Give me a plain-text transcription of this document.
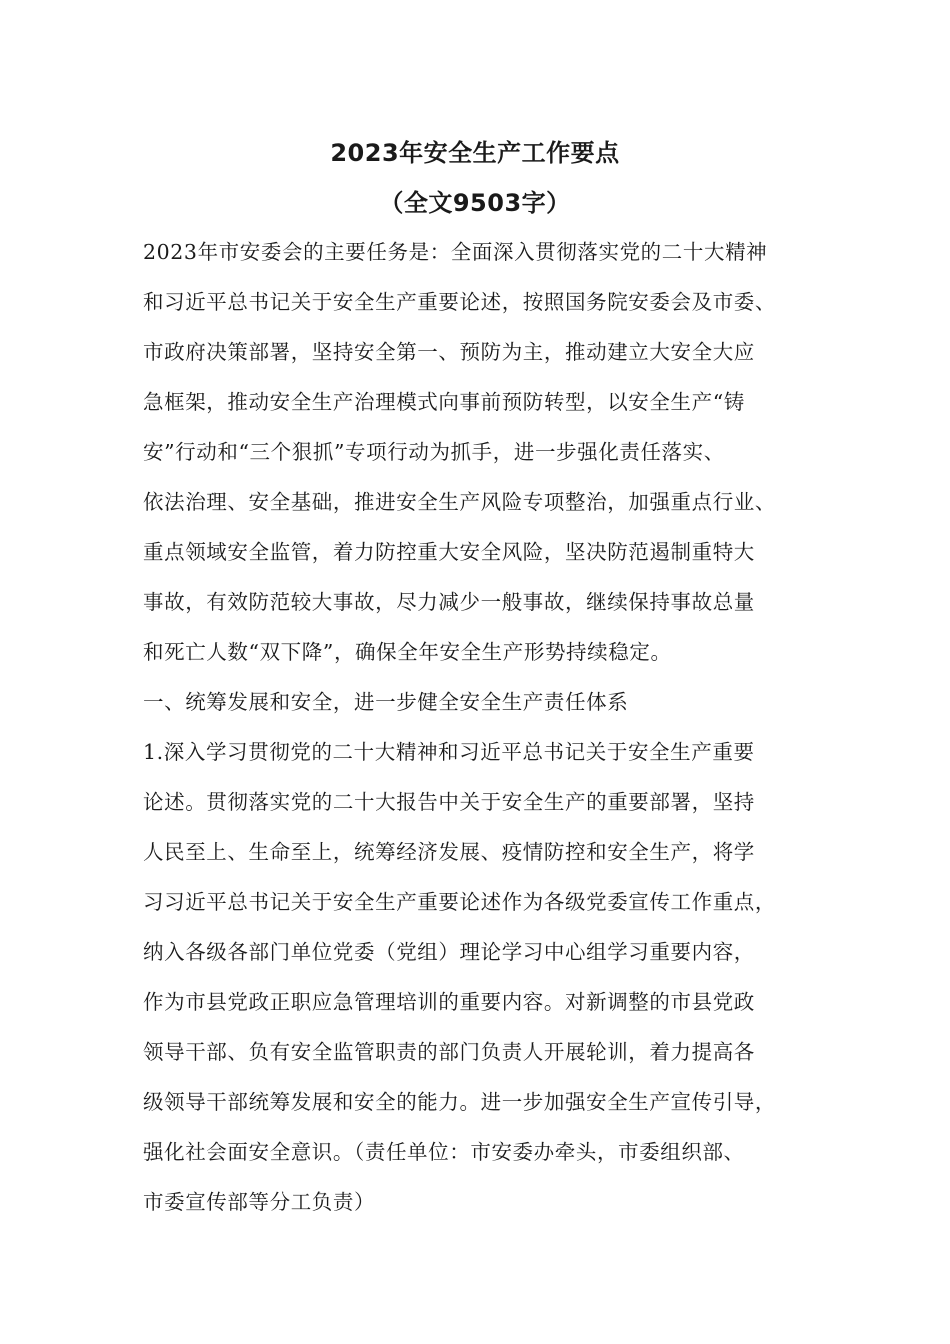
2023年安全生产工作要点
（全文9503字）
2023年市安委会的主要任务是：全面深入贯彻落实党的二十大精神
和习近平总书记关于安全生产重要论述，按照国务院安委会及市委、
市政府决策部署，坚持安全第一、预防为主，推动建立大安全大应
急框架，推动安全生产治理模式向事前预防转型，以安全生产“铸
安”行动和“三个狠抓”专项行动为抓手，进一步强化责任落实、
依法治理、安全基础，推进安全生产风险专项整治，加强重点行业、
重点领域安全监管，着力防控重大安全风险，坚决防范遏制重特大
事故，有效防范较大事故，尽力减少一般事故，继续保持事故总量
和死亡人数“双下降”，确保全年安全生产形势持续稳定。
一、统筹发展和安全，进一步健全安全生产责任体系
1.深入学习贯彻党的二十大精神和习近平总书记关于安全生产重要
论述。贯彻落实党的二十大报告中关于安全生产的重要部署，坚持
人民至上、生命至上，统筹经济发展、疫情防控和安全生产，将学
习习近平总书记关于安全生产重要论述作为各级党委宣传工作重点，
纳入各级各部门单位党委（党组）理论学习中心组学习重要内容，
作为市县党政正职应急管理培训的重要内容。对新调整的市县党政
领导干部、负有安全监管职责的部门负责人开展轮训，着力提高各
级领导干部统筹发展和安全的能力。进一步加强安全生产宣传引导，
强化社会面安全意识。（责任单位：市安委办牵头，市委组织部、
市委宣传部等分工负责）
